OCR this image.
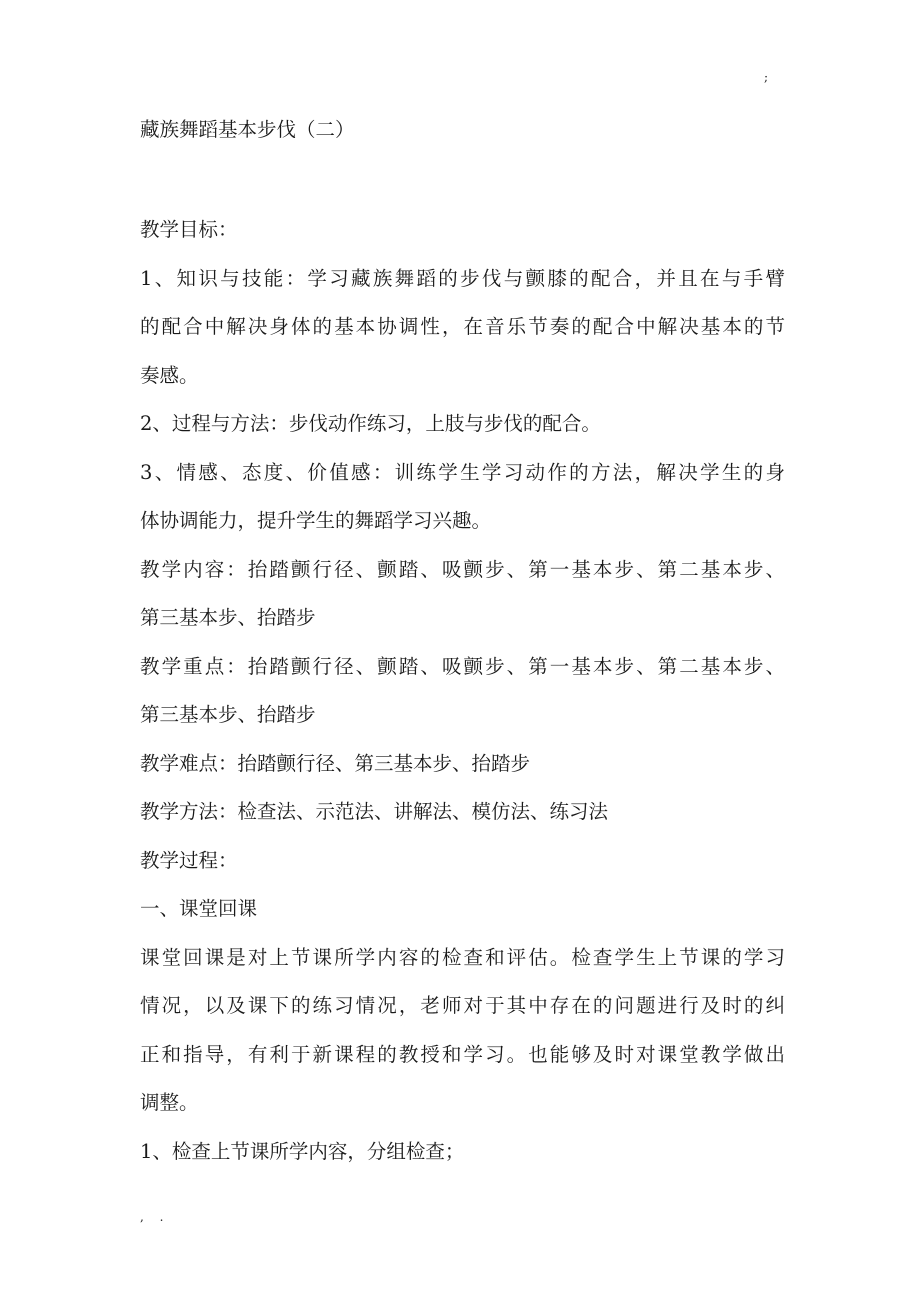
;
藏族舞蹈基本步伐（二）
教学目标：
1、知识与技能：学习藏族舞蹈的步伐与颤膝的配合，并且在与手臂
的配合中解决身体的基本协调性，在音乐节奏的配合中解决基本的节
奏感。
2、过程与方法：步伐动作练习，上肢与步伐的配合。
3、情感、态度、价值感：训练学生学习动作的方法，解决学生的身
体协调能力，提升学生的舞蹈学习兴趣。
教学内容：抬踏颤行径、颤踏、吸颤步、第一基本步、第二基本步、
第三基本步、抬踏步
教学重点：抬踏颤行径、颤踏、吸颤步、第一基本步、第二基本步、
第三基本步、抬踏步
教学难点：抬踏颤行径、第三基本步、抬踏步
教学方法：检查法、示范法、讲解法、模仿法、练习法
教学过程：
一、课堂回课
课堂回课是对上节课所学内容的检查和评估。检查学生上节课的学习
情况，以及课下的练习情况，老师对于其中存在的问题进行及时的纠
正和指导，有利于新课程的教授和学习。也能够及时对课堂教学做出
调整。
1、检查上节课所学内容，分组检查；
, .
